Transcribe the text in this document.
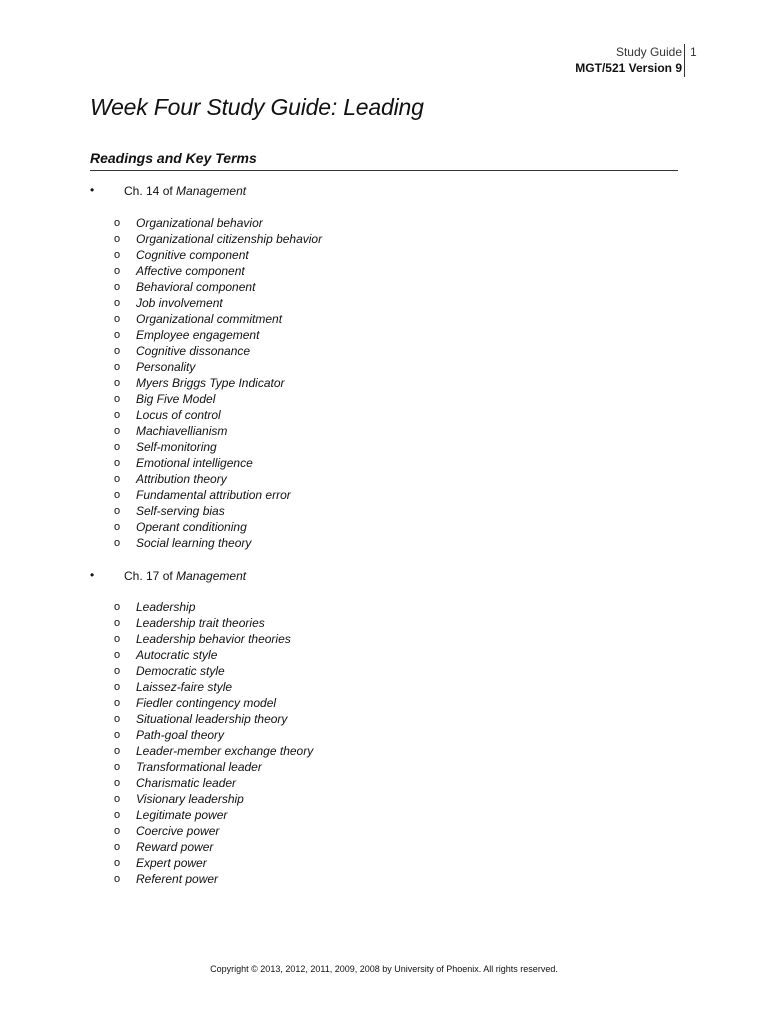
Study Guide
MGT/521 Version 9
1
Week Four Study Guide: Leading
Readings and Key Terms
• Ch. 14 of Management
o Organizational behavior
o Organizational citizenship behavior
o Cognitive component
o Affective component
o Behavioral component
o Job involvement
o Organizational commitment
o Employee engagement
o Cognitive dissonance
o Personality
o Myers Briggs Type Indicator
o Big Five Model
o Locus of control
o Machiavellianism
o Self-monitoring
o Emotional intelligence
o Attribution theory
o Fundamental attribution error
o Self-serving bias
o Operant conditioning
o Social learning theory
• Ch. 17 of Management
o Leadership
o Leadership trait theories
o Leadership behavior theories
o Autocratic style
o Democratic style
o Laissez-faire style
o Fiedler contingency model
o Situational leadership theory
o Path-goal theory
o Leader-member exchange theory
o Transformational leader
o Charismatic leader
o Visionary leadership
o Legitimate power
o Coercive power
o Reward power
o Expert power
o Referent power
Copyright © 2013, 2012, 2011, 2009, 2008 by University of Phoenix. All rights reserved.
